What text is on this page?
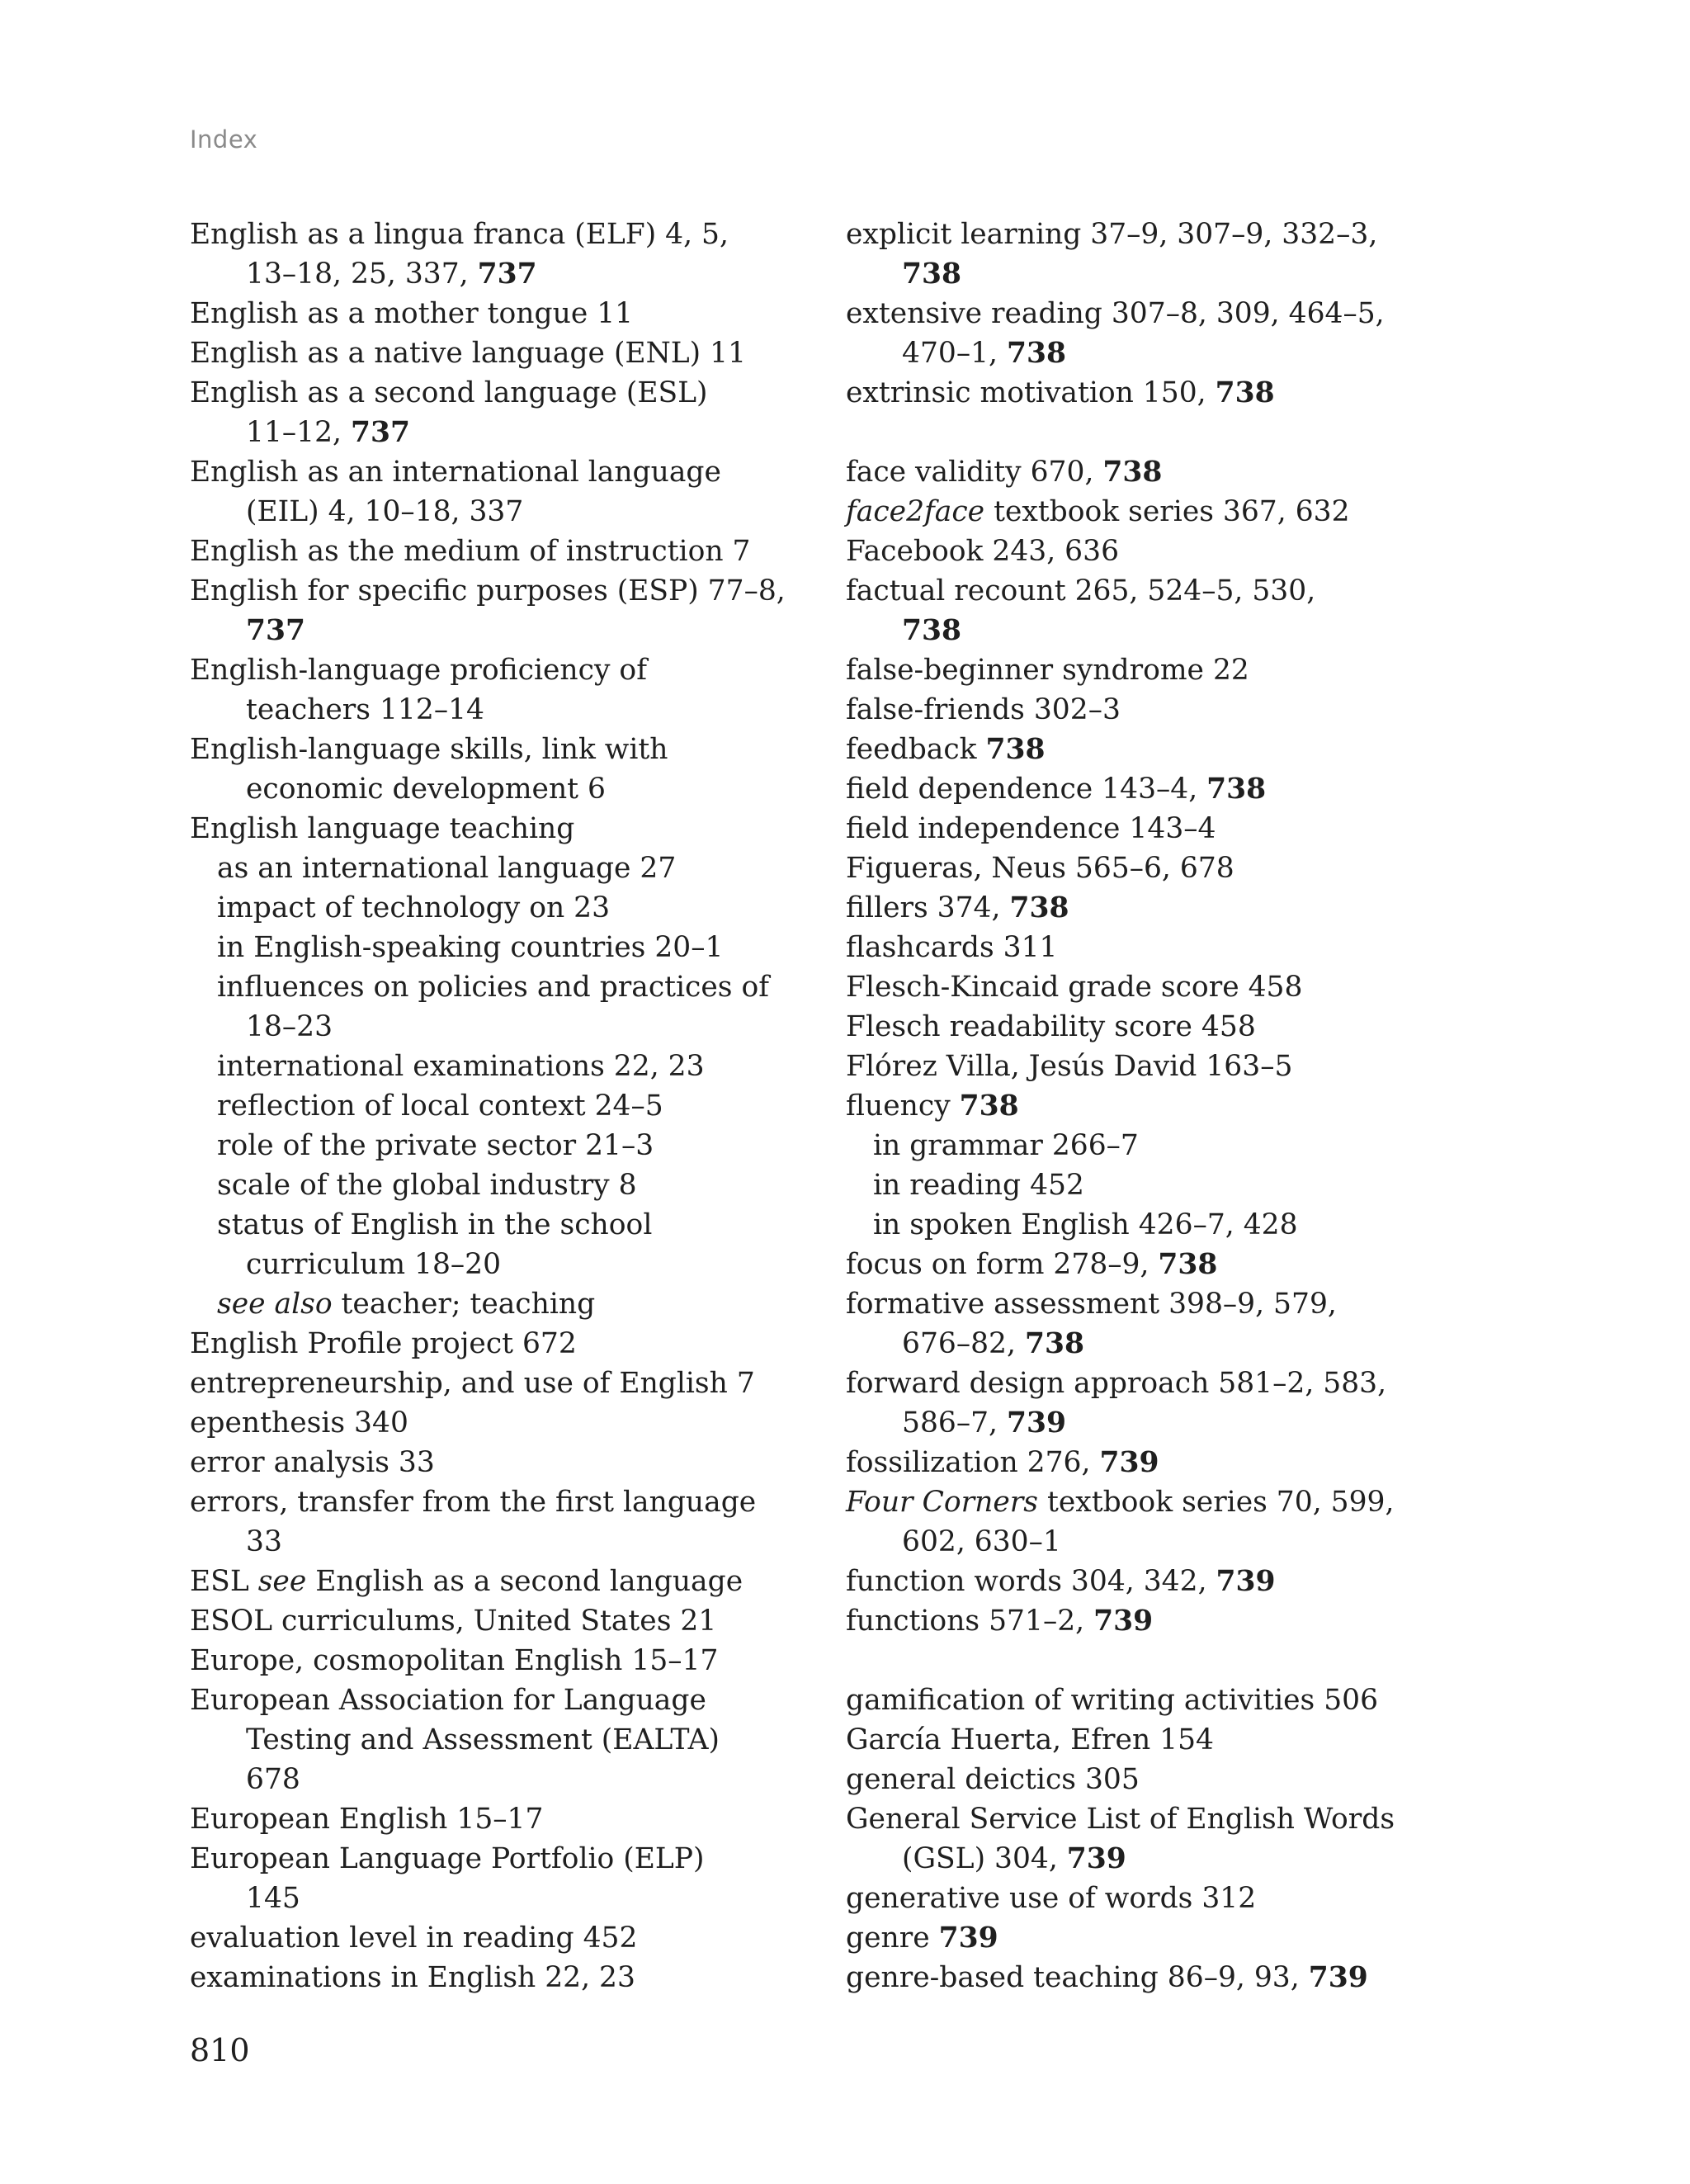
Index
English as a lingua franca (ELF) 4, 5,
13–18, 25, 337, 737
English as a mother tongue 11
English as a native language (ENL) 11
English as a second language (ESL)
11–12, 737
English as an international language
(EIL) 4, 10–18, 337
English as the medium of instruction 7
English for specific purposes (ESP) 77–8,
737
English-language proficiency of
teachers 112–14
English-language skills, link with
economic development 6
English language teaching
as an international language 27
impact of technology on 23
in English-speaking countries 20–1
influences on policies and practices of
18–23
international examinations 22, 23
reflection of local context 24–5
role of the private sector 21–3
scale of the global industry 8
status of English in the school
curriculum 18–20
see also teacher; teaching
English Profile project 672
entrepreneurship, and use of English 7
epenthesis 340
error analysis 33
errors, transfer from the first language
33
ESL see English as a second language
ESOL curriculums, United States 21
Europe, cosmopolitan English 15–17
European Association for Language
Testing and Assessment (EALTA)
678
European English 15–17
European Language Portfolio (ELP)
145
evaluation level in reading 452
examinations in English 22, 23
explicit learning 37–9, 307–9, 332–3,
738
extensive reading 307–8, 309, 464–5,
470–1, 738
extrinsic motivation 150, 738
face validity 670, 738
face2face textbook series 367, 632
Facebook 243, 636
factual recount 265, 524–5, 530,
738
false-beginner syndrome 22
false-friends 302–3
feedback 738
field dependence 143–4, 738
field independence 143–4
Figueras, Neus 565–6, 678
fillers 374, 738
flashcards 311
Flesch-Kincaid grade score 458
Flesch readability score 458
Flórez Villa, Jesús David 163–5
fluency 738
in grammar 266–7
in reading 452
in spoken English 426–7, 428
focus on form 278–9, 738
formative assessment 398–9, 579,
676–82, 738
forward design approach 581–2, 583,
586–7, 739
fossilization 276, 739
Four Corners textbook series 70, 599,
602, 630–1
function words 304, 342, 739
functions 571–2, 739
gamification of writing activities 506
García Huerta, Efren 154
general deictics 305
General Service List of English Words
(GSL) 304, 739
generative use of words 312
genre 739
genre-based teaching 86–9, 93, 739
810
